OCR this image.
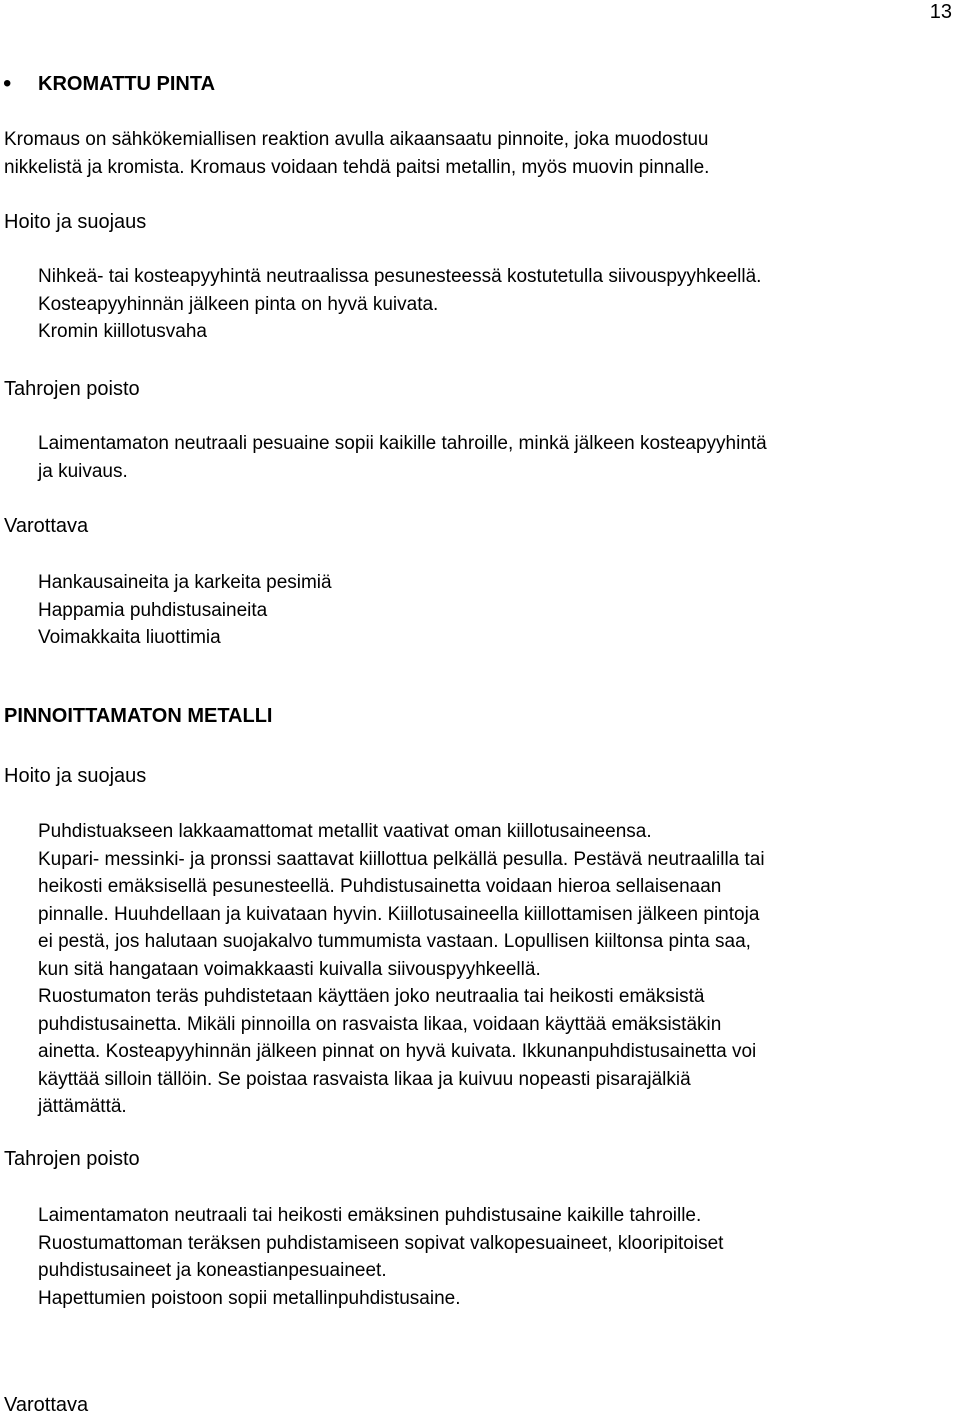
13
• KROMATTU PINTA
Kromaus on sähkökemiallisen reaktion avulla aikaansaatu pinnoite, joka muodostuu
nikkelistä ja kromista. Kromaus voidaan tehdä paitsi metallin, myös muovin pinnalle.
Hoito ja suojaus
Nihkeä- tai kosteapyyhintä neutraalissa pesunesteessä kostutetulla siivouspyyhkeellä.
Kosteapyyhinnän jälkeen pinta on hyvä kuivata.
Kromin kiillotusvaha
Tahrojen poisto
Laimentamaton neutraali pesuaine sopii kaikille tahroille, minkä jälkeen kosteapyyhintä
ja kuivaus.
Varottava
Hankausaineita ja karkeita pesimiä
Happamia puhdistusaineita
Voimakkaita liuottimia
PINNOITTAMATON METALLI
Hoito ja suojaus
Puhdistuakseen lakkaamattomat metallit vaativat oman kiillotusaineensa.
Kupari- messinki- ja pronssi saattavat kiillottua pelkällä pesulla. Pestävä neutraalilla tai
heikosti emäksisellä pesunesteellä. Puhdistusainetta voidaan hieroa sellaisenaan
pinnalle. Huuhdellaan ja kuivataan hyvin. Kiillotusaineella kiillottamisen jälkeen pintoja
ei pestä, jos halutaan suojakalvo tummumista vastaan. Lopullisen kiiltonsa pinta saa,
kun sitä hangataan voimakkaasti kuivalla siivouspyyhkeellä.
Ruostumaton teräs puhdistetaan käyttäen joko neutraalia tai heikosti emäksistä
puhdistusainetta. Mikäli pinnoilla on rasvaista likaa, voidaan käyttää emäksistäkin
ainetta. Kosteapyyhinnän jälkeen pinnat on hyvä kuivata. Ikkunanpuhdistusainetta voi
käyttää silloin tällöin. Se poistaa rasvaista likaa ja kuivuu nopeasti pisarajälkiä
jättämättä.
Tahrojen poisto
Laimentamaton neutraali tai heikosti emäksinen puhdistusaine kaikille tahroille.
Ruostumattoman teräksen puhdistamiseen sopivat valkopesuaineet, klooripitoiset
puhdistusaineet ja koneastianpesuaineet.
Hapettumien poistoon sopii metallinpuhdistusaine.
Varottava
